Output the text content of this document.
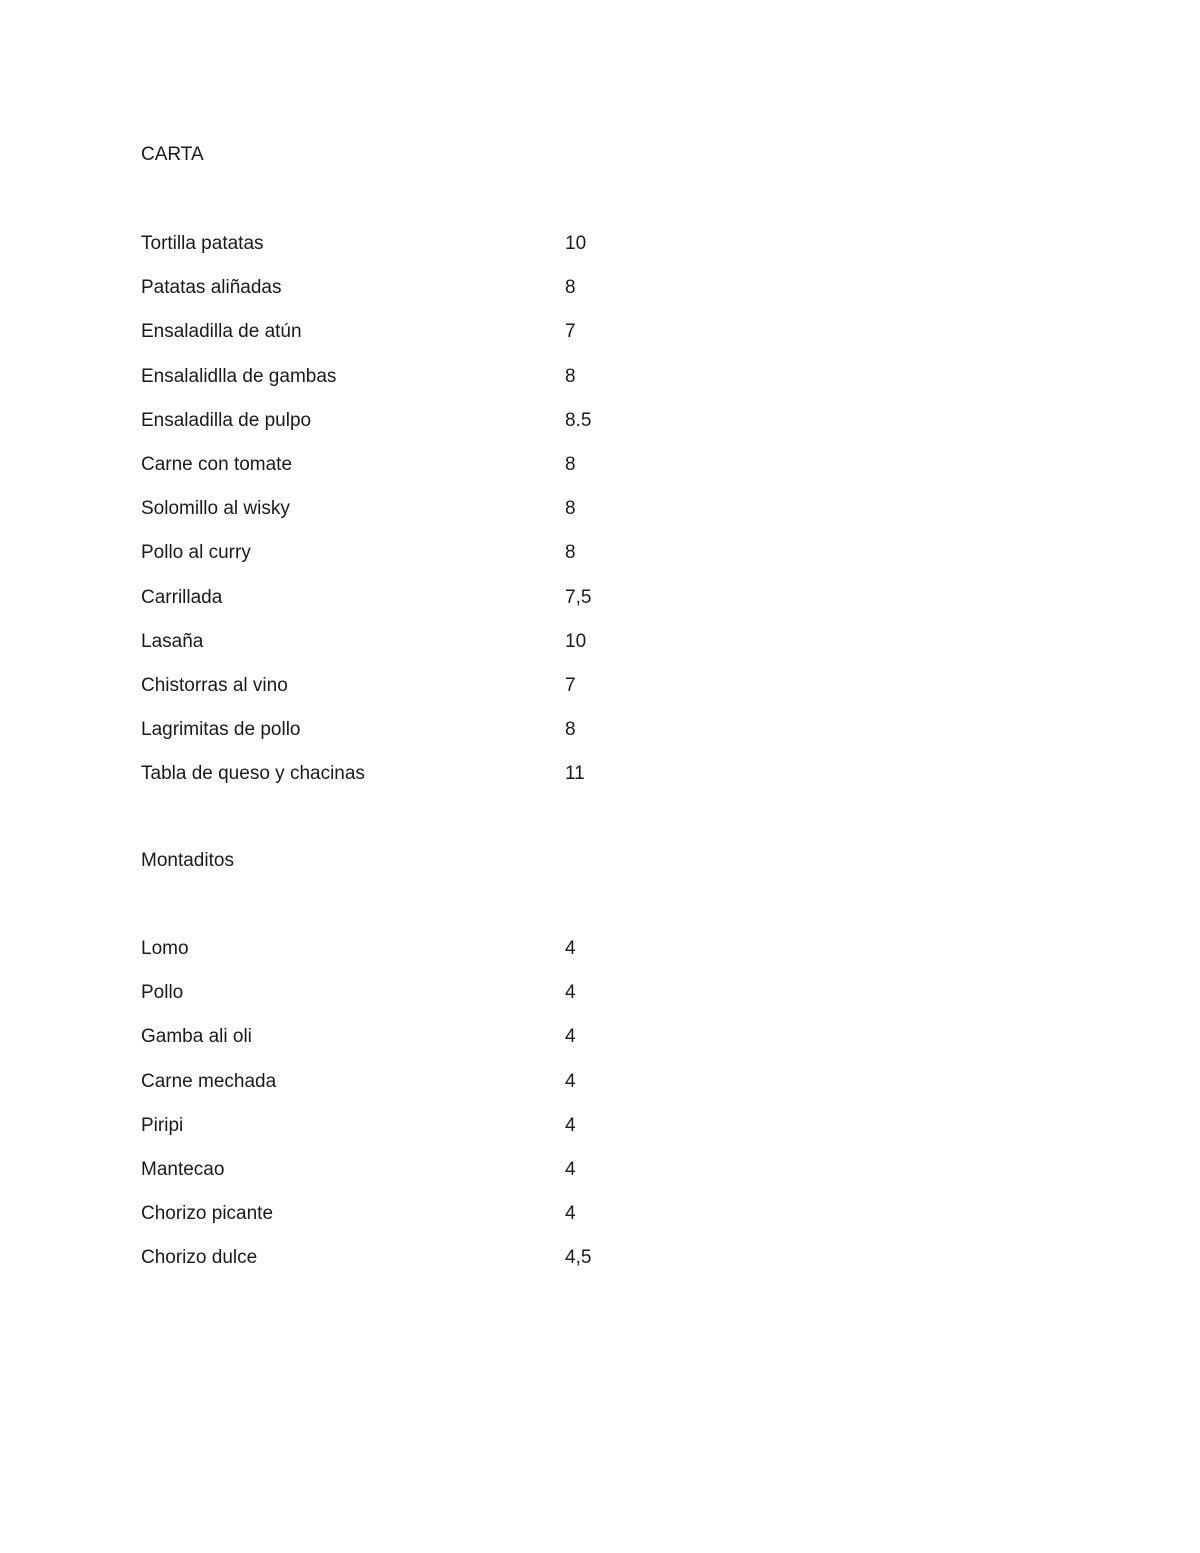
CARTA
Tortilla patatas	10
Patatas aliñadas	8
Ensaladilla de atún	7
Ensalalidlla de gambas	8
Ensaladilla de pulpo	8.5
Carne con tomate	8
Solomillo al wisky	8
Pollo al curry	8
Carrillada	7,5
Lasaña	10
Chistorras al vino	7
Lagrimitas de pollo	8
Tabla de queso y chacinas	11
Montaditos
Lomo	4
Pollo	4
Gamba ali oli	4
Carne mechada	4
Piripi	4
Mantecao	4
Chorizo picante	4
Chorizo dulce	4,5
